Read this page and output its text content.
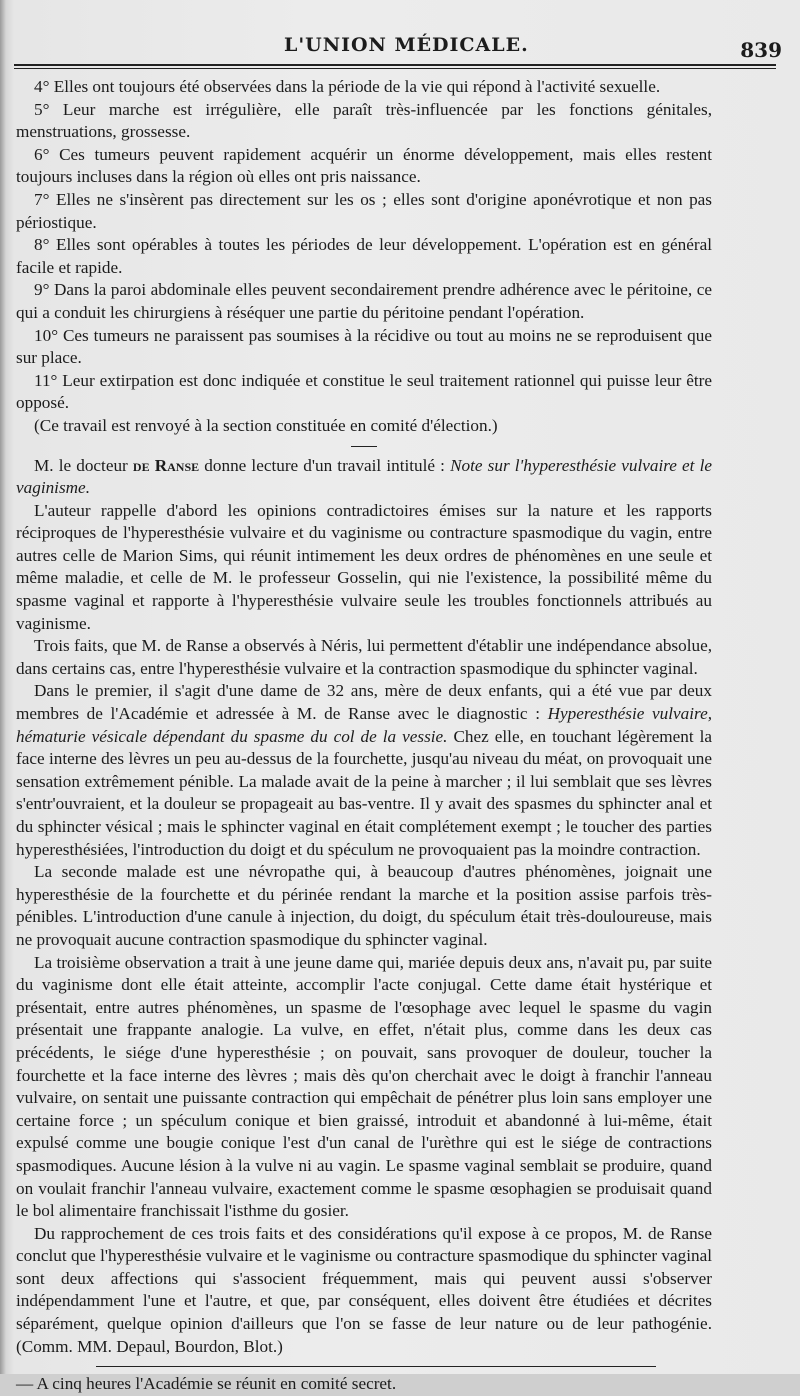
L'UNION MÉDICALE.	839

4° Elles ont toujours été observées dans la période de la vie qui répond à l'activité sexuelle.

5° Leur marche est irrégulière, elle paraît très-influencée par les fonctions génitales, menstruations, grossesse.

6° Ces tumeurs peuvent rapidement acquérir un énorme développement, mais elles restent toujours incluses dans la région où elles ont pris naissance.

7° Elles ne s'insèrent pas directement sur les os ; elles sont d'origine aponévrotique et non pas périostique.

8° Elles sont opérables à toutes les périodes de leur développement. L'opération est en général facile et rapide.

9° Dans la paroi abdominale elles peuvent secondairement prendre adhérence avec le péritoine, ce qui a conduit les chirurgiens à réséquer une partie du péritoine pendant l'opération.

10° Ces tumeurs ne paraissent pas soumises à la récidive ou tout au moins ne se reproduisent que sur place.

11° Leur extirpation est donc indiquée et constitue le seul traitement rationnel qui puisse leur être opposé.

(Ce travail est renvoyé à la section constituée en comité d'élection.)

M. le docteur de Ranse donne lecture d'un travail intitulé : Note sur l'hyperesthésie vulvaire et le vaginisme.

L'auteur rappelle d'abord les opinions contradictoires émises sur la nature et les rapports réciproques de l'hyperesthésie vulvaire et du vaginisme ou contracture spasmodique du vagin, entre autres celle de Marion Sims, qui réunit intimement les deux ordres de phénomènes en une seule et même maladie, et celle de M. le professeur Gosselin, qui nie l'existence, la possibilité même du spasme vaginal et rapporte à l'hyperesthésie vulvaire seule les troubles fonctionnels attribués au vaginisme.

Trois faits, que M. de Ranse a observés à Néris, lui permettent d'établir une indépendance absolue, dans certains cas, entre l'hyperesthésie vulvaire et la contraction spasmodique du sphincter vaginal.

Dans le premier, il s'agit d'une dame de 32 ans, mère de deux enfants, qui a été vue par deux membres de l'Académie et adressée à M. de Ranse avec le diagnostic : Hyperesthésie vulvaire, hématurie vésicale dépendant du spasme du col de la vessie. Chez elle, en touchant légèrement la face interne des lèvres un peu au-dessus de la fourchette, jusqu'au niveau du méat, on provoquait une sensation extrêmement pénible. La malade avait de la peine à marcher ; il lui semblait que ses lèvres s'entr'ouvraient, et la douleur se propageait au bas-ventre. Il y avait des spasmes du sphincter anal et du sphincter vésical ; mais le sphincter vaginal en était complétement exempt ; le toucher des parties hyperesthésiées, l'introduction du doigt et du spéculum ne provoquaient pas la moindre contraction.

La seconde malade est une névropathe qui, à beaucoup d'autres phénomènes, joignait une hyperesthésie de la fourchette et du périnée rendant la marche et la position assise parfois très-pénibles. L'introduction d'une canule à injection, du doigt, du spéculum était très-douloureuse, mais ne provoquait aucune contraction spasmodique du sphincter vaginal.

La troisième observation a trait à une jeune dame qui, mariée depuis deux ans, n'avait pu, par suite du vaginisme dont elle était atteinte, accomplir l'acte conjugal. Cette dame était hystérique et présentait, entre autres phénomènes, un spasme de l'œsophage avec lequel le spasme du vagin présentait une frappante analogie. La vulve, en effet, n'était plus, comme dans les deux cas précédents, le siége d'une hyperesthésie ; on pouvait, sans provoquer de douleur, toucher la fourchette et la face interne des lèvres ; mais dès qu'on cherchait avec le doigt à franchir l'anneau vulvaire, on sentait une puissante contraction qui empêchait de pénétrer plus loin sans employer une certaine force ; un spéculum conique et bien graissé, introduit et abandonné à lui-même, était expulsé comme une bougie conique l'est d'un canal de l'urèthre qui est le siége de contractions spasmodiques. Aucune lésion à la vulve ni au vagin. Le spasme vaginal semblait se produire, quand on voulait franchir l'anneau vulvaire, exactement comme le spasme œsophagien se produisait quand le bol alimentaire franchissait l'isthme du gosier.

Du rapprochement de ces trois faits et des considérations qu'il expose à ce propos, M. de Ranse conclut que l'hyperesthésie vulvaire et le vaginisme ou contracture spasmodique du sphincter vaginal sont deux affections qui s'associent fréquemment, mais qui peuvent aussi s'observer indépendamment l'une et l'autre, et que, par conséquent, elles doivent être étudiées et décrites séparément, quelque opinion d'ailleurs que l'on se fasse de leur nature ou de leur pathogénie. (Comm. MM. Depaul, Bourdon, Blot.)

— A cinq heures l'Académie se réunit en comité secret.
